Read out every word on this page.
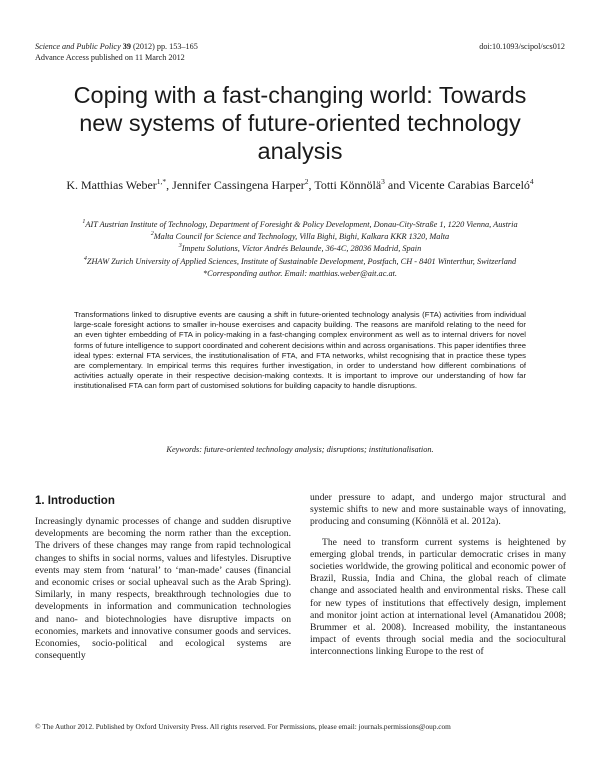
Science and Public Policy 39 (2012) pp. 153–165
Advance Access published on 11 March 2012
doi:10.1093/scipol/scs012
Coping with a fast-changing world: Towards new systems of future-oriented technology analysis
K. Matthias Weber$^{1,*}$, Jennifer Cassingena Harper$^2$, Totti Könnölä$^3$ and Vicente Carabias Barceló$^4$
$^1$AIT Austrian Institute of Technology, Department of Foresight & Policy Development, Donau-City-Straße 1, 1220 Vienna, Austria
$^2$Malta Council for Science and Technology, Villa Bighi, Bighi, Kalkara KKR 1320, Malta
$^3$Impetu Solutions, Víctor Andrés Belaunde, 36-4C, 28036 Madrid, Spain
$^4$ZHAW Zurich University of Applied Sciences, Institute of Sustainable Development, Postfach, CH - 8401 Winterthur, Switzerland
*Corresponding author. Email: matthias.weber@ait.ac.at.

Transformations linked to disruptive events are causing a shift in future-oriented technology analysis (FTA) activities from individual large-scale foresight actions to smaller in-house exercises and capacity building. The reasons are manifold relating to the need for an even tighter embedding of FTA in policy-making in a fast-changing complex environment as well as to internal drivers for novel forms of future intelligence to support coordinated and coherent decisions within and across organisations. This paper identifies three ideal types: external FTA services, the institutionalisation of FTA, and FTA networks, whilst recognising that in practice these types are complementary. In empirical terms this requires further investigation, in order to understand how different combinations of activities actually operate in their respective decision-making contexts. It is important to improve our understanding of how far institutionalised FTA can form part of customised solutions for building capacity to handle disruptions.

Keywords: future-oriented technology analysis; disruptions; institutionalisation.
1. Introduction

Increasingly dynamic processes of change and sudden disruptive developments are becoming the norm rather than the exception. The drivers of these changes may range from rapid technological changes to shifts in social norms, values and lifestyles. Disruptive events may stem from ‘natural’ to ‘man-made’ causes (financial and economic crises or social upheaval such as the Arab Spring). Similarly, in many respects, breakthrough technologies due to developments in information and communication technologies and nano- and biotechnologies have disruptive impacts on economies, markets and innovative consumer goods and services. Economies, socio-political and ecological systems are consequently

under pressure to adapt, and undergo major structural and systemic shifts to new and more sustainable ways of innovating, producing and consuming (Könnölä et al. 2012a).

The need to transform current systems is heightened by emerging global trends, in particular democratic crises in many societies worldwide, the growing political and economic power of Brazil, Russia, India and China, the global reach of climate change and associated health and environmental risks. These call for new types of institutions that effectively design, implement and monitor joint action at international level (Amanatidou 2008; Brummer et al. 2008). Increased mobility, the instantaneous impact of events through social media and the sociocultural interconnections linking Europe to the rest of

© The Author 2012. Published by Oxford University Press. All rights reserved. For Permissions, please email: journals.permissions@oup.com
